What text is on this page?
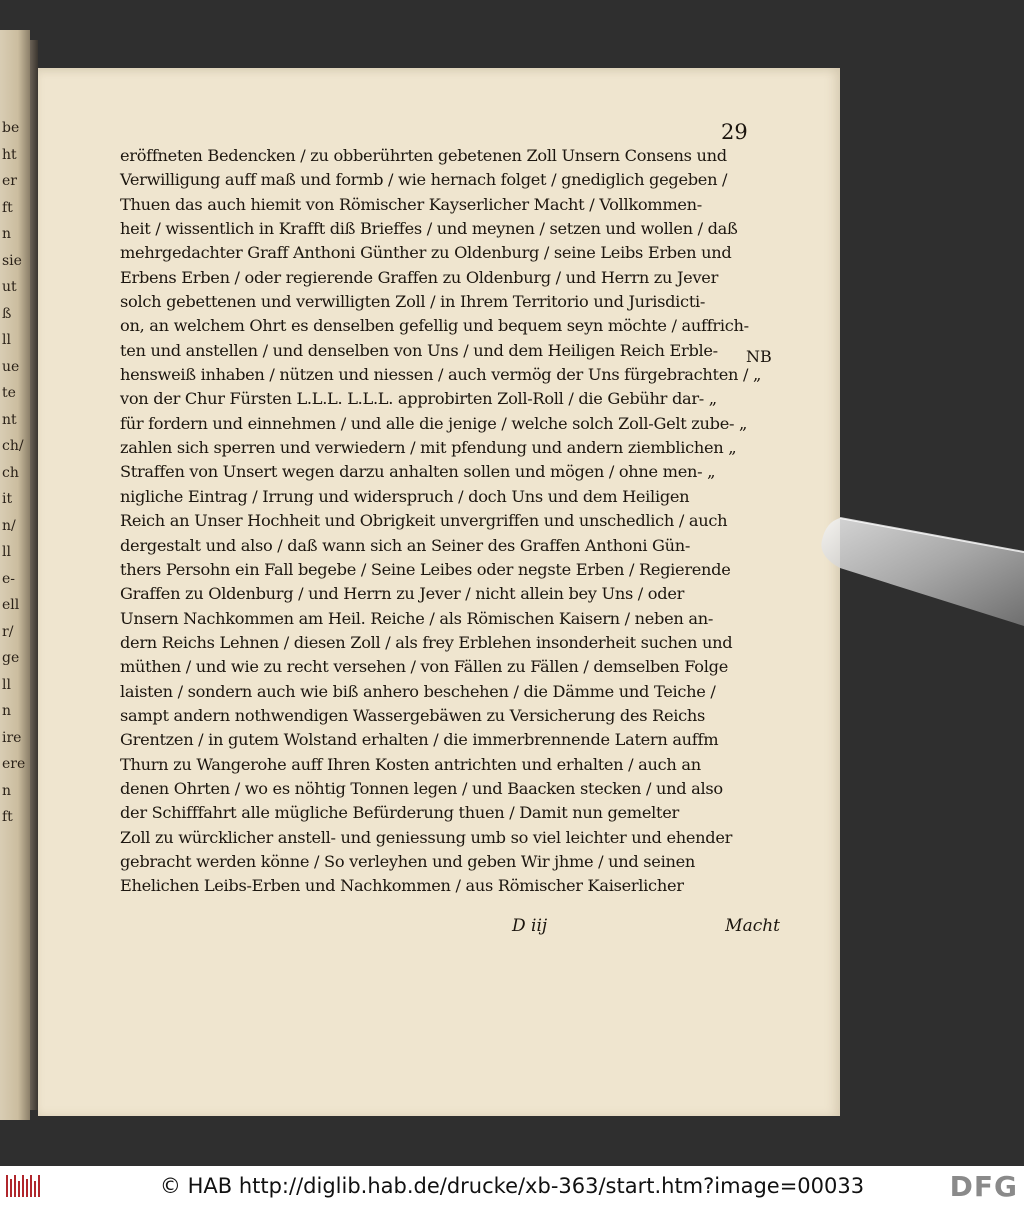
be
ht
er
ft
n
sie
ut
ß
ll
ue
te
nt
ch/
ch
it
n/
ll
e-
ell
r/
ge
ll
n
ire
ere
n
ft
29
eröffneten Bedencken / zu obberührten gebetenen Zoll Unsern Consens und
Verwilligung auff maß und formb / wie hernach folget / gnediglich gegeben /
Thuen das auch hiemit von Römischer Kayserlicher Macht / Vollkommen-
heit / wissentlich in Krafft diß Brieffes / und meynen / setzen und wollen / daß
mehrgedachter Graff Anthoni Günther zu Oldenburg / seine Leibs Erben und
Erbens Erben / oder regierende Graffen zu Oldenburg / und Herrn zu Jever
solch gebettenen und verwilligten Zoll / in Ihrem Territorio und Jurisdicti-
on, an welchem Ohrt es denselben gefellig und bequem seyn möchte / auffrich-
ten und anstellen / und denselben von Uns / und dem Heiligen Reich Erble-
hensweiß inhaben / nützen und niessen / auch vermög der Uns fürgebrachten / „
von der Chur Fürsten L.L.L. L.L.L. approbirten Zoll-Roll / die Gebühr dar- „
für fordern und einnehmen / und alle die jenige / welche solch Zoll-Gelt zube- „
zahlen sich sperren und verwiedern / mit pfendung und andern ziemblichen „
Straffen von Unsert wegen darzu anhalten sollen und mögen / ohne men- „
nigliche Eintrag / Irrung und widerspruch / doch Uns und dem Heiligen
Reich an Unser Hochheit und Obrigkeit unvergriffen und unschedlich / auch
dergestalt und also / daß wann sich an Seiner des Graffen Anthoni Gün-
thers Persohn ein Fall begebe / Seine Leibes oder negste Erben / Regierende
Graffen zu Oldenburg / und Herrn zu Jever / nicht allein bey Uns / oder
Unsern Nachkommen am Heil. Reiche / als Römischen Kaisern / neben an-
dern Reichs Lehnen / diesen Zoll / als frey Erblehen insonderheit suchen und
müthen / und wie zu recht versehen / von Fällen zu Fällen / demselben Folge
laisten / sondern auch wie biß anhero beschehen / die Dämme und Teiche /
sampt andern nothwendigen Wassergebäwen zu Versicherung des Reichs
Grentzen / in gutem Wolstand erhalten / die immerbrennende Latern auffm
Thurn zu Wangerohe auff Ihren Kosten antrichten und erhalten / auch an
denen Ohrten / wo es nöhtig Tonnen legen / und Baacken stecken / und also
der Schifffahrt alle mügliche Befürderung thuen / Damit nun gemelter
Zoll zu würcklicher anstell- und geniessung umb so viel leichter und ehender
gebracht werden könne / So verleyhen und geben Wir jhme / und seinen
Ehelichen Leibs-Erben und Nachkommen / aus Römischer Kaiserlicher
NB
D iij	Macht
© HAB http://diglib.hab.de/drucke/xb-363/start.htm?image=00033	DFG
